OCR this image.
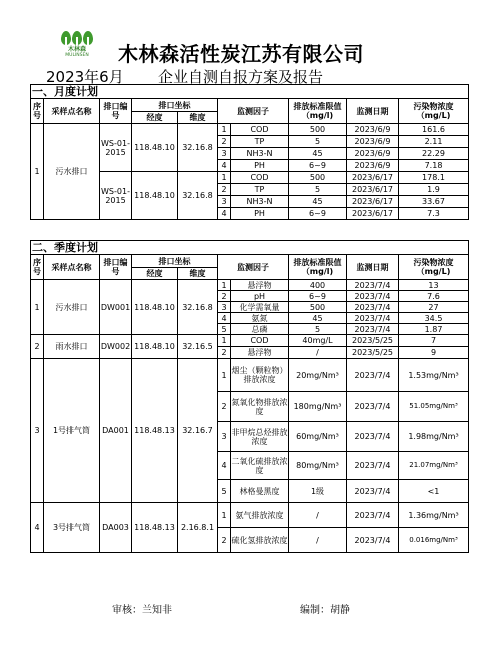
木林森
MULINSEN	木林森活性炭江苏有限公司
2023年6月 企业自测自报方案及报告
一、月度计划									
序号	采样点名称	排口编号	排口坐标		监测因子		排放标准限值（mg/l)	监测日期	污染物浓度（mg/L)
			经度	维度					
1	污水排口	WS-01-2015	118.48.10	32.16.8	1	COD	500	2023/6/9	161.6
					2	TP	5	2023/6/9	2.11
					3	NH3-N	45	2023/6/9	22.29
					4	PH	6~9	2023/6/9	7.18
		WS-01-2015	118.48.10	32.16.8	1	COD	500	2023/6/17	178.1
					2	TP	5	2023/6/17	1.9
					3	NH3-N	45	2023/6/17	33.67
					4	PH	6~9	2023/6/17	7.3
二、季度计划									
序号	采样点名称	排口编号	排口坐标		监测因子		排放标准限值（mg/l)	监测日期	污染物浓度（mg/L)
			经度	维度					
1	污水排口	DW001	118.48.10	32.16.8	1	悬浮物	400	2023/7/4	13
					2	pH	6~9	2023/7/4	7.6
					3	化学需氧量	500	2023/7/4	27
					4	氨氮	45	2023/7/4	34.5
					5	总磷	5	2023/7/4	1.87
2	雨水排口	DW002	118.48.10	32.16.5	1	COD	40mg/L	2023/5/25	7
					2	悬浮物	/	2023/5/25	9
3	1号排气筒	DA001	118.48.13	32.16.7	1	烟尘（颗粒物）排放浓度	20mg/Nm³	2023/7/4	1.53mg/Nm³
					2	氮氧化物排放浓度	180mg/Nm³	2023/7/4	51.05mg/Nm³
					3	非甲烷总烃排放浓度	60mg/Nm³	2023/7/4	1.98mg/Nm³
					4	二氧化硫排放浓度	80mg/Nm³	2023/7/4	21.07mg/Nm³
					5	林格曼黑度	1级	2023/7/4	<1
4	3号排气筒	DA003	118.48.13	2.16.8.1	1	氨气排放浓度	/	2023/7/4	1.36mg/Nm³
					2	硫化氢排放浓度	/	2023/7/4	0.016mg/Nm³
审核：兰知非	编制：胡静
